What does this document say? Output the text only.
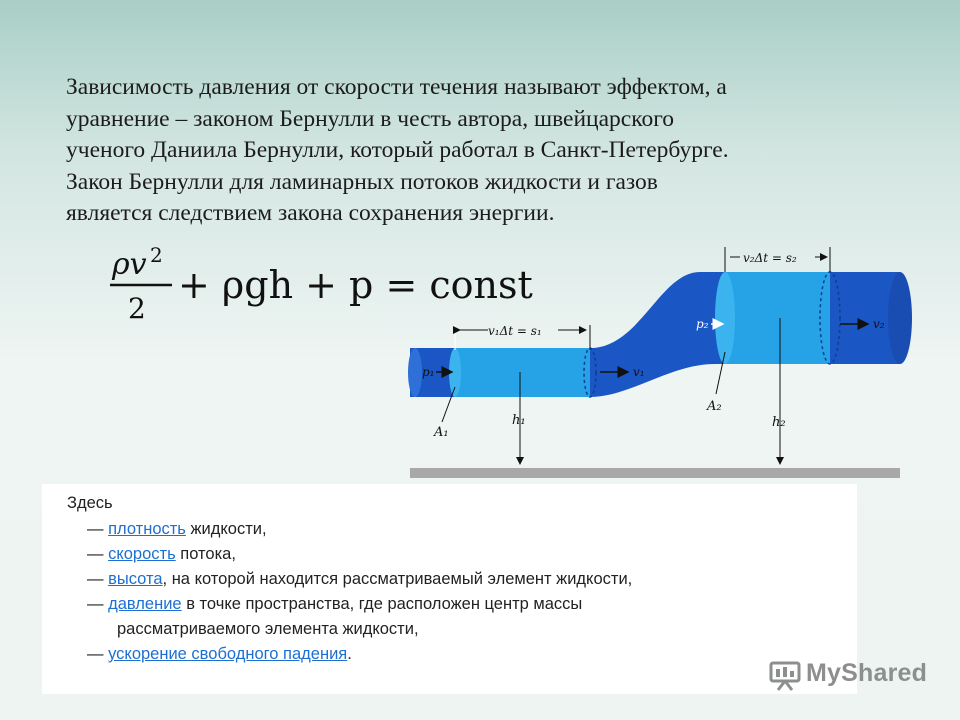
Зависимость давления от скорости течения называют эффектом, а
уравнение – законом Бернулли в честь автора, швейцарского
ученого Даниила Бернулли, который работал в Санкт-Петербурге.
Закон Бернулли для ламинарных потоков жидкости и газов
является следствием закона сохранения энергии.
ρv 2
2
+ ρgh + p = const
v₁Δt = s₁
v₂Δt = s₂
p₁	v₁
p₂	v₂
A₁
A₂
h₁	h₂
Здесь
— плотность жидкости,
— скорость потока,
— высота, на которой находится рассматриваемый элемент жидкости,
— давление в точке пространства, где расположен центр массы
рассматриваемого элемента жидкости,
— ускорение свободного падения.
MyShared
